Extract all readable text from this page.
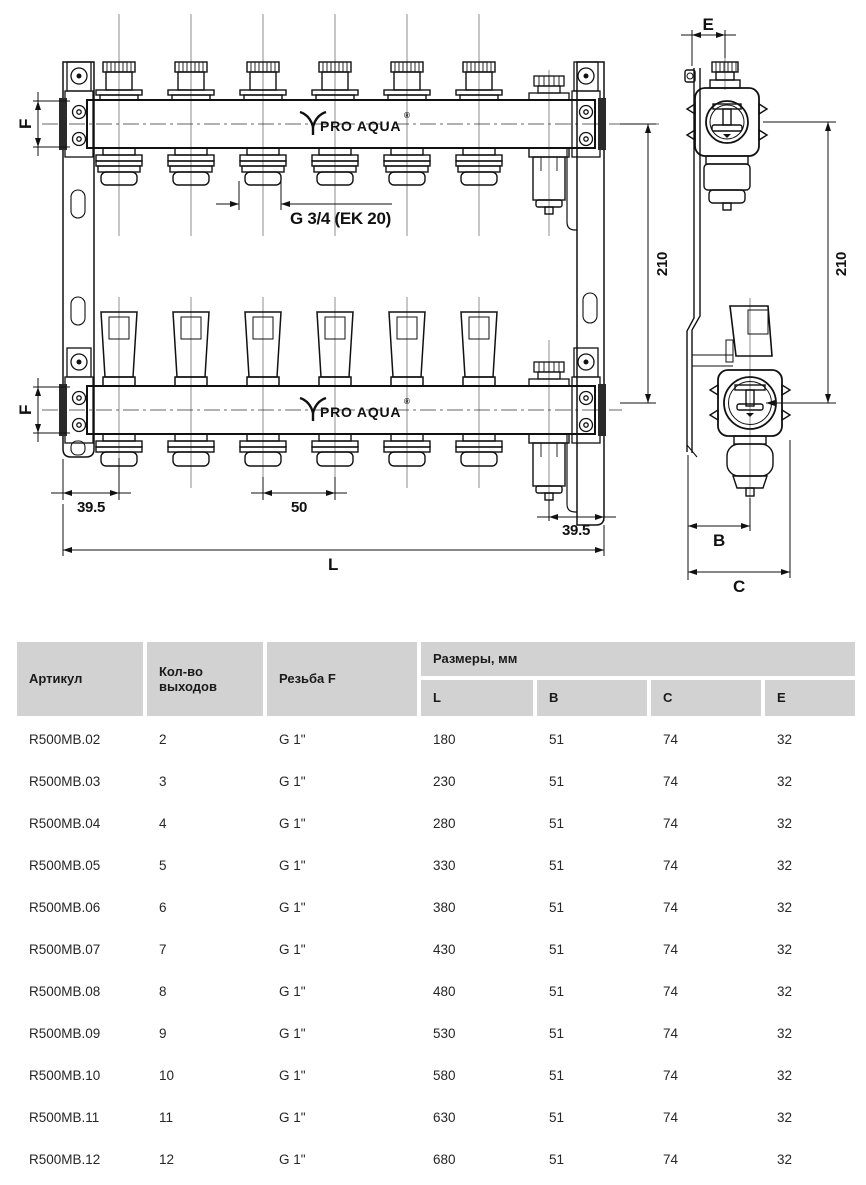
PRO AQUA
®
PRO AQUA
®
F
F
G 3/4 (EK 20)
39.5	50
39.5
L
210
E
210
B
C
Артикул	Кол-во выходов	Резьба F	Размеры, мм			
			L	B	C	E
R500MB.02	2	G 1"	180	51	74	32
R500MB.03	3	G 1"	230	51	74	32
R500MB.04	4	G 1"	280	51	74	32
R500MB.05	5	G 1"	330	51	74	32
R500MB.06	6	G 1"	380	51	74	32
R500MB.07	7	G 1"	430	51	74	32
R500MB.08	8	G 1"	480	51	74	32
R500MB.09	9	G 1"	530	51	74	32
R500MB.10	10	G 1"	580	51	74	32
R500MB.11	11	G 1"	630	51	74	32
R500MB.12	12	G 1"	680	51	74	32
